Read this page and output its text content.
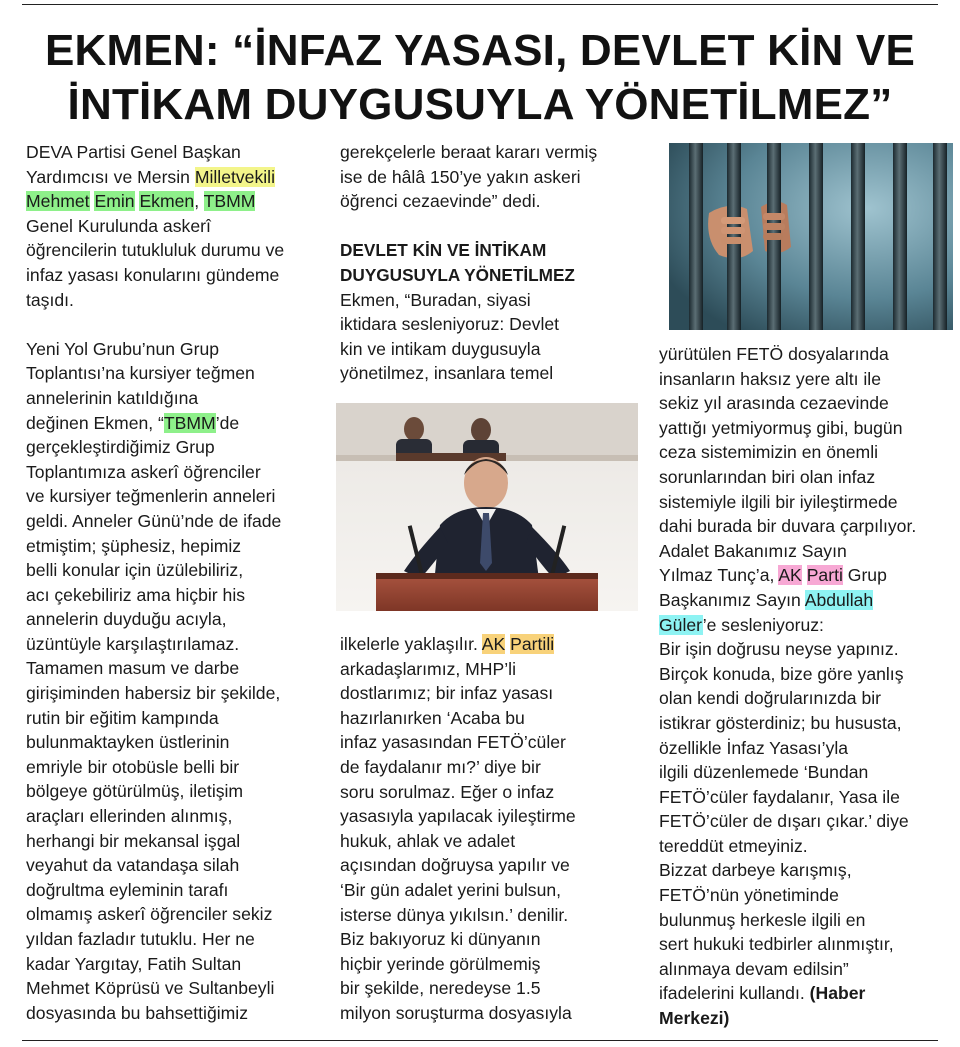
EKMEN: “İNFAZ YASASI, DEVLET KİN VE İNTİKAM DUYGUSUYLA YÖNETİLMEZ”

DEVA Partisi Genel Başkan

Yardımcısı ve Mersin Milletvekili

Mehmet Emin Ekmen, TBMM

Genel Kurulunda askerî

öğrencilerin tutukluluk durumu ve

infaz yasası konularını gündeme

taşıdı.

Yeni Yol Grubu’nun Grup

Toplantısı’na kursiyer teğmen

annelerinin katıldığına

değinen Ekmen, “TBMM’de

gerçekleştirdiğimiz Grup

Toplantımıza askerî öğrenciler

ve kursiyer teğmenlerin anneleri

geldi. Anneler Günü’nde de ifade

etmiştim; şüphesiz, hepimiz

belli konular için üzülebiliriz,

acı çekebiliriz ama hiçbir his

annelerin duyduğu acıyla,

üzüntüyle karşılaştırılamaz.

Tamamen masum ve darbe

girişiminden habersiz bir şekilde,

rutin bir eğitim kampında

bulunmaktayken üstlerinin

emriyle bir otobüsle belli bir

bölgeye götürülmüş, iletişim

araçları ellerinden alınmış,

herhangi bir mekansal işgal

veyahut da vatandaşa silah

doğrultma eyleminin tarafı

olmamış askerî öğrenciler sekiz

yıldan fazladır tutuklu. Her ne

kadar Yargıtay, Fatih Sultan

Mehmet Köprüsü ve Sultanbeyli

dosyasında bu bahsettiğimiz

gerekçelerle beraat kararı vermiş

ise de hâlâ 150’ye yakın askeri

öğrenci cezaevinde” dedi.

DEVLET KİN VE İNTİKAM

DUYGUSUYLA YÖNETİLMEZ

Ekmen, “Buradan, siyasi

iktidara sesleniyoruz: Devlet

kin ve intikam duygusuyla

yönetilmez, insanlara temel

ilkelerle yaklaşılır. AK Partili

arkadaşlarımız, MHP’li

dostlarımız; bir infaz yasası

hazırlanırken ‘Acaba bu

infaz yasasından FETÖ’cüler

de faydalanır mı?’ diye bir

soru sorulmaz. Eğer o infaz

yasasıyla yapılacak iyileştirme

hukuk, ahlak ve adalet

açısından doğruysa yapılır ve

‘Bir gün adalet yerini bulsun,

isterse dünya yıkılsın.’ denilir.

Biz bakıyoruz ki dünyanın

hiçbir yerinde görülmemiş

bir şekilde, neredeyse 1.5

milyon soruşturma dosyasıyla

yürütülen FETÖ dosyalarında

insanların haksız yere altı ile

sekiz yıl arasında cezaevinde

yattığı yetmiyormuş gibi, bugün

ceza sistemimizin en önemli

sorunlarından biri olan infaz

sistemiyle ilgili bir iyileştirmede

dahi burada bir duvara çarpılıyor.

Adalet Bakanımız Sayın

Yılmaz Tunç’a, AK Parti Grup

Başkanımız Sayın Abdullah

Güler’e sesleniyoruz:

Bir işin doğrusu neyse yapınız.

Birçok konuda, bize göre yanlış

olan kendi doğrularınızda bir

istikrar gösterdiniz; bu hususta,

özellikle İnfaz Yasası’yla

ilgili düzenlemede ‘Bundan

FETÖ’cüler faydalanır, Yasa ile

FETÖ’cüler de dışarı çıkar.’ diye

tereddüt etmeyiniz.

Bizzat darbeye karışmış,

FETÖ’nün yönetiminde

bulunmuş herkesle ilgili en

sert hukuki tedbirler alınmıştır,

alınmaya devam edilsin”

ifadelerini kullandı. (Haber

Merkezi)
